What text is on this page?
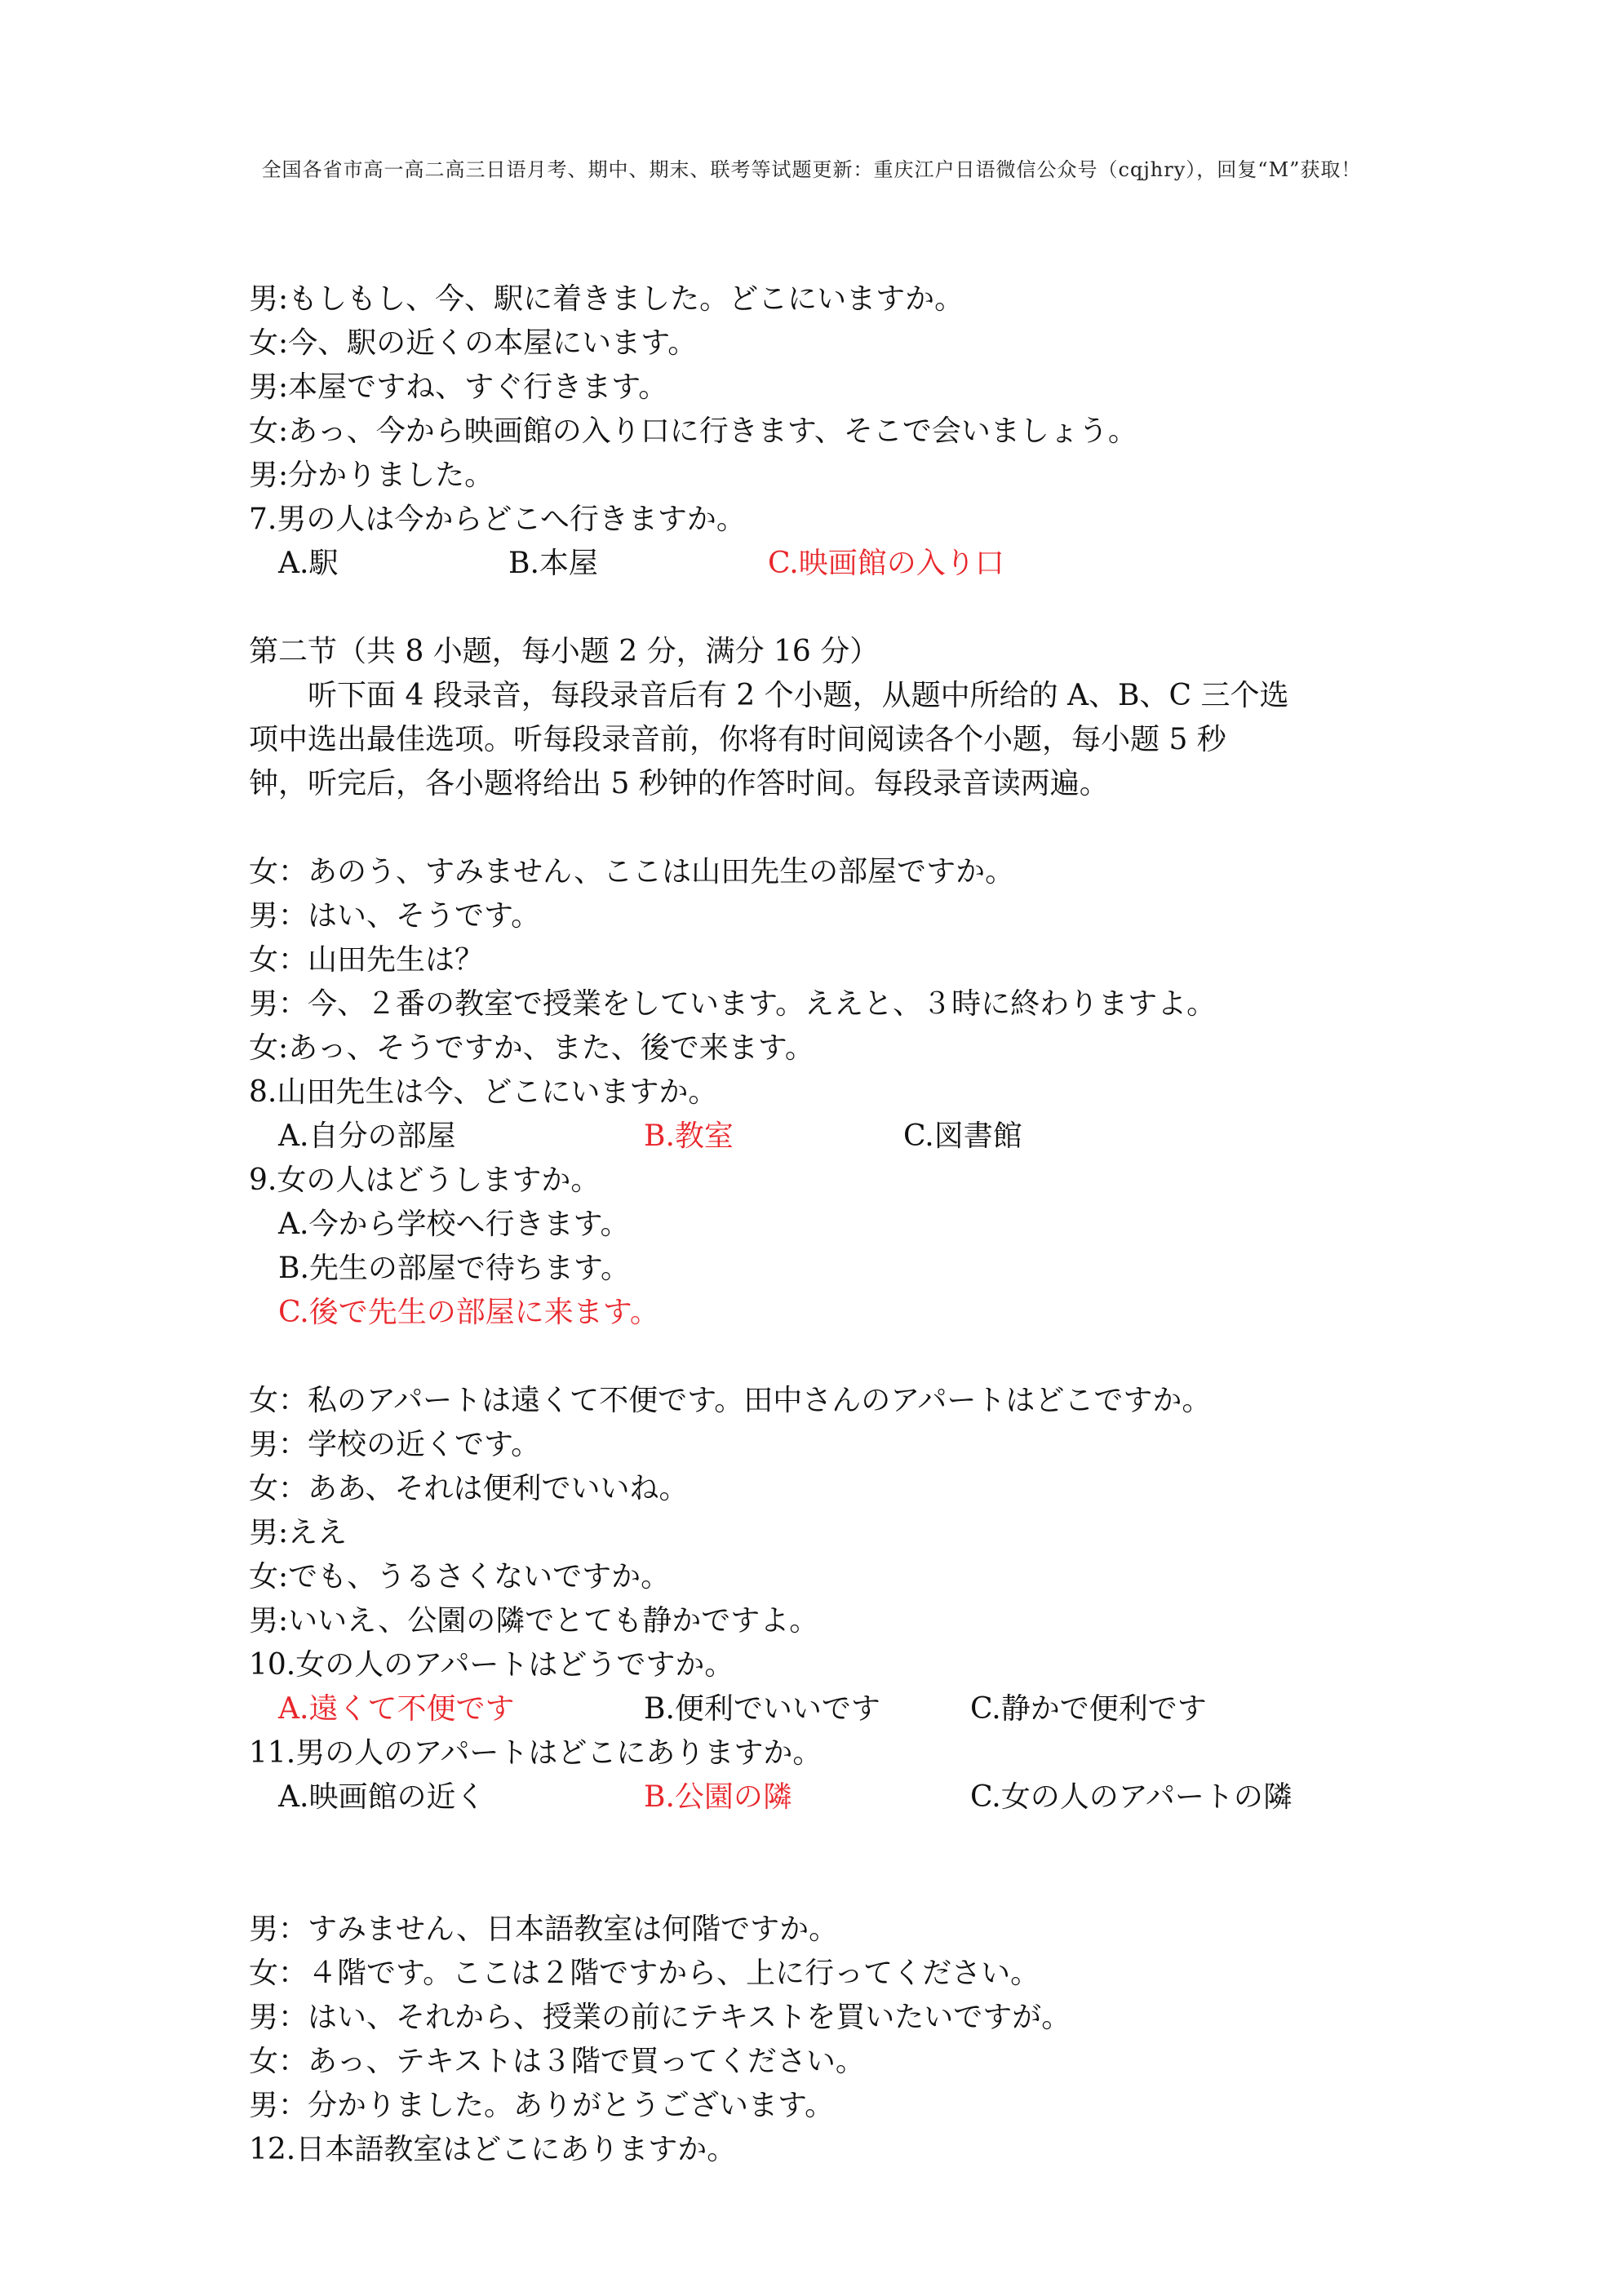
全国各省市高一高二高三日语月考、期中、期末、联考等试题更新：重庆江户日语微信公众号（cqjhry），回复“M”获取！
男:もしもし、今、駅に着きました。どこにいますか。
女:今、駅の近くの本屋にいます。
男:本屋ですね、すぐ行きます。
女:あっ、今から映画館の入り口に行きます、そこで会いましょう。
男:分かりました。
7.男の人は今からどこへ行きますか。
A.駅	B.本屋	C.映画館の入り口
第二节（共 8 小题，每小题 2 分，满分 16 分）
听下面 4 段录音，每段录音后有 2 个小题，从题中所给的 A、B、C 三个选
项中选出最佳选项。听每段录音前，你将有时间阅读各个小题，每小题 5 秒
钟，听完后，各小题将给出 5 秒钟的作答时间。每段录音读两遍。
女：あのう、すみません、ここは山田先生の部屋ですか。
男：はい、そうです。
女：山田先生は？
男：今、２番の教室で授業をしています。ええと、３時に終わりますよ。
女:あっ、そうですか、また、後で来ます。
8.山田先生は今、どこにいますか。
A.自分の部屋	B.教室	C.図書館
9.女の人はどうしますか。
A.今から学校へ行きます。
B.先生の部屋で待ちます。
C.後で先生の部屋に来ます。
女：私のアパートは遠くて不便です。田中さんのアパートはどこですか。
男：学校の近くです。
女：ああ、それは便利でいいね。
男:ええ
女:でも、うるさくないですか。
男:いいえ、公園の隣でとても静かですよ。
10.女の人のアパートはどうですか。
A.遠くて不便です	B.便利でいいです	C.静かで便利です
11.男の人のアパートはどこにありますか。
A.映画館の近く	B.公園の隣	C.女の人のアパートの隣
男：すみません、日本語教室は何階ですか。
女：４階です。ここは２階ですから、上に行ってください。
男：はい、それから、授業の前にテキストを買いたいですが。
女：あっ、テキストは３階で買ってください。
男：分かりました。ありがとうございます。
12.日本語教室はどこにありますか。
